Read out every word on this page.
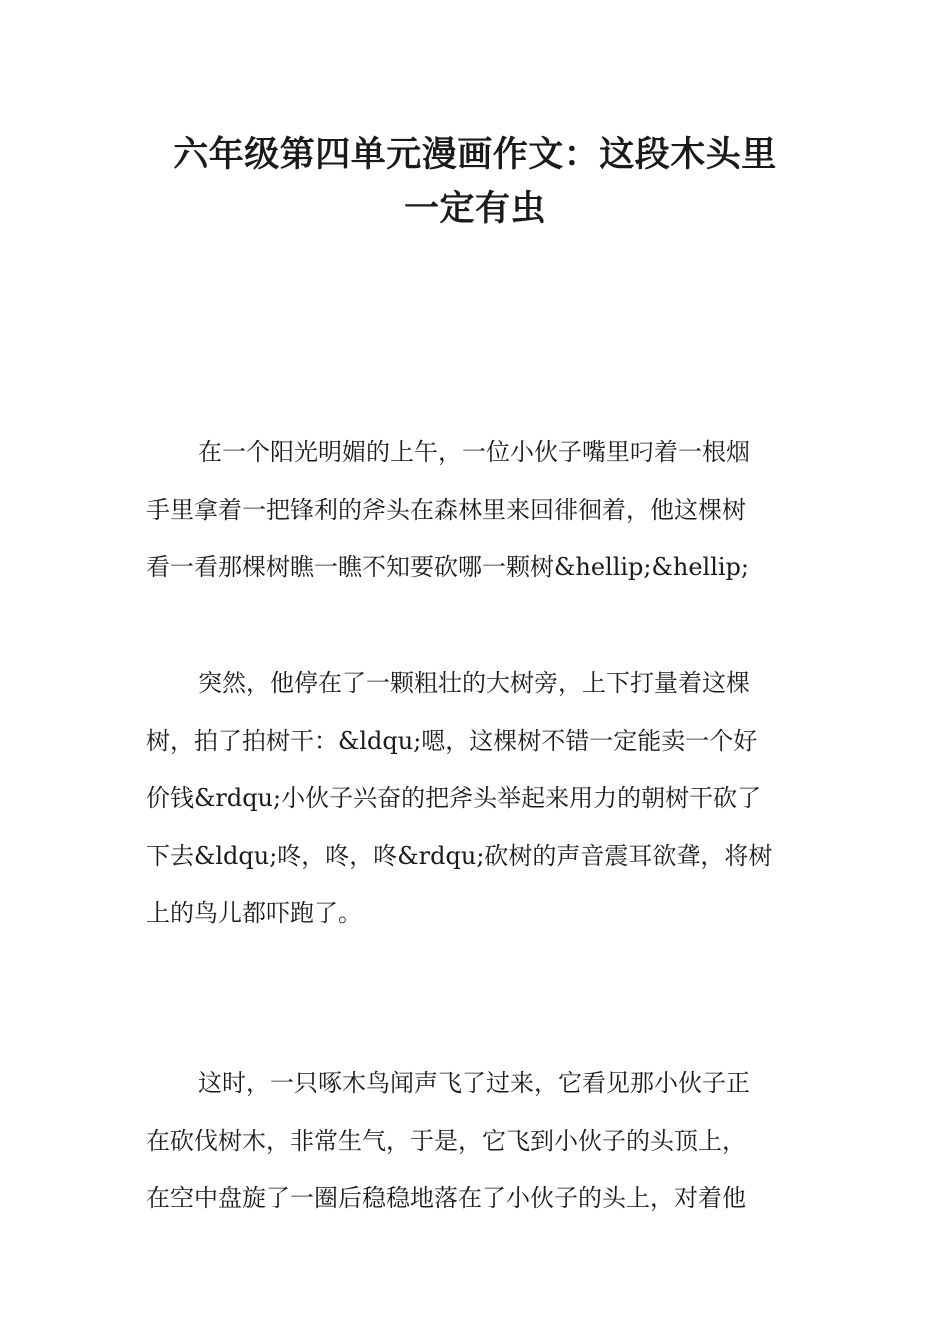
六年级第四单元漫画作文：这段木头里
一定有虫

在一个阳光明媚的上午，一位小伙子嘴里叼着一根烟
手里拿着一把锋利的斧头在森林里来回徘徊着，他这棵树
看一看那棵树瞧一瞧不知要砍哪一颗树&hellip;&hellip;

突然，他停在了一颗粗壮的大树旁，上下打量着这棵
树，拍了拍树干：&ldqu;嗯，这棵树不错一定能卖一个好
价钱&rdqu;小伙子兴奋的把斧头举起来用力的朝树干砍了
下去&ldqu;咚，咚，咚&rdqu;砍树的声音震耳欲聋，将树
上的鸟儿都吓跑了。

这时，一只啄木鸟闻声飞了过来，它看见那小伙子正
在砍伐树木，非常生气，于是，它飞到小伙子的头顶上，
在空中盘旋了一圈后稳稳地落在了小伙子的头上，对着他
